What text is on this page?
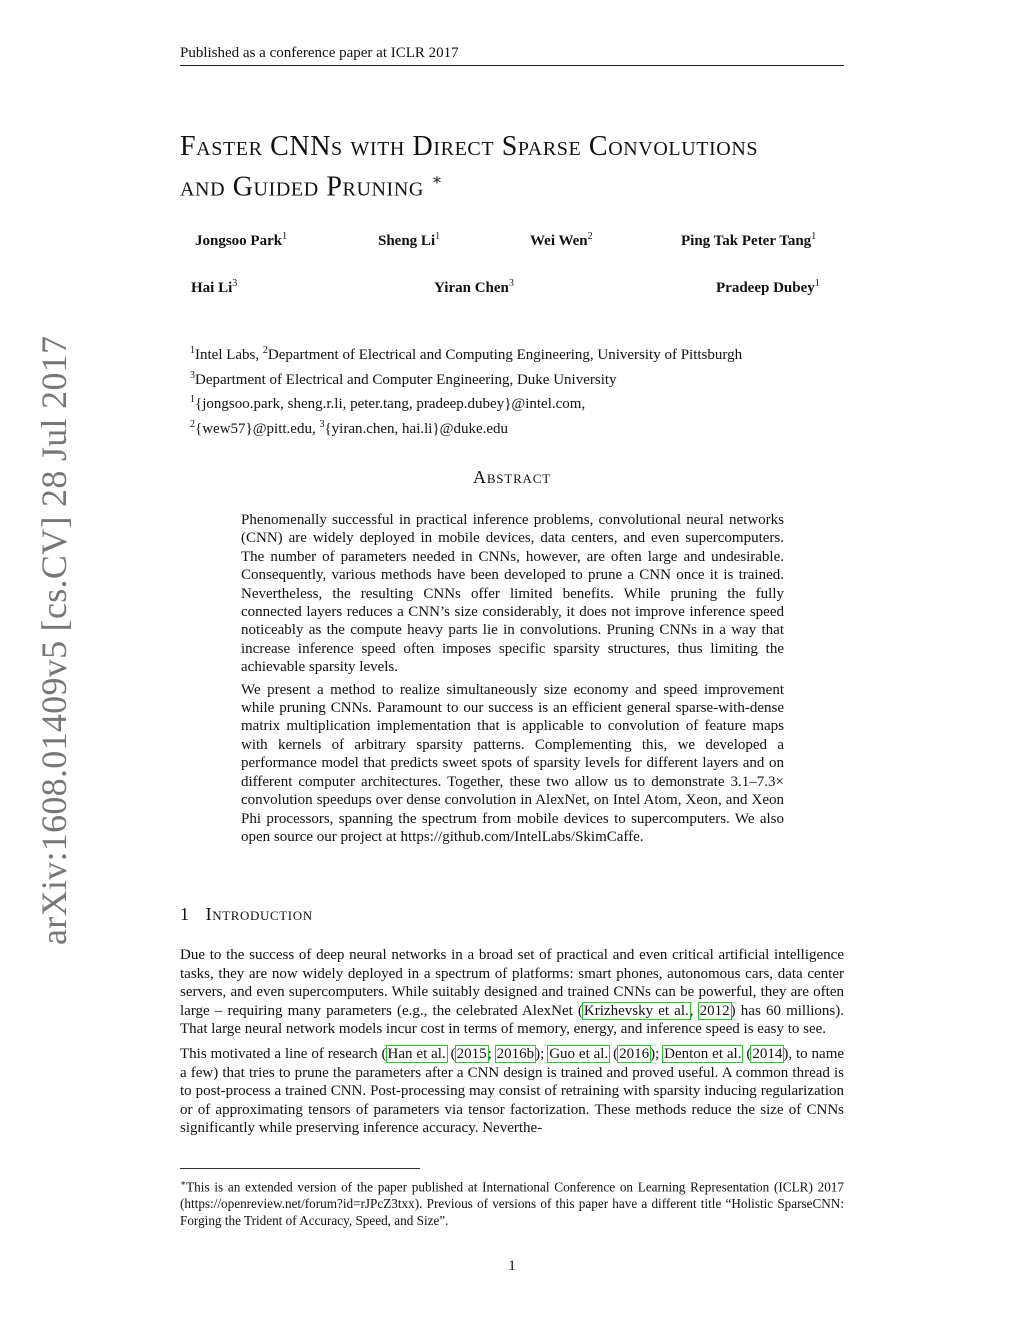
Published as a conference paper at ICLR 2017
arXiv:1608.01409v5 [cs.CV] 28 Jul 2017
Faster CNNs with Direct Sparse Convolutions
and Guided Pruning ∗
Jongsoo Park$^1$	Sheng Li$^1$	Wei Wen$^2$	Ping Tak Peter Tang$^1$
Hai Li$^3$	Yiran Chen$^3$	Pradeep Dubey$^1$
$^1$Intel Labs, $^2$Department of Electrical and Computing Engineering, University of Pittsburgh
$^3$Department of Electrical and Computer Engineering, Duke University
$^1${jongsoo.park, sheng.r.li, peter.tang, pradeep.dubey}@intel.com,
$^2${wew57}@pitt.edu, $^3${yiran.chen, hai.li}@duke.edu
Abstract

Phenomenally successful in practical inference problems, convolutional neural networks (CNN) are widely deployed in mobile devices, data centers, and even supercomputers. The number of parameters needed in CNNs, however, are often large and undesirable. Consequently, various methods have been developed to prune a CNN once it is trained. Nevertheless, the resulting CNNs offer limited benefits. While pruning the fully connected layers reduces a CNN’s size considerably, it does not improve inference speed noticeably as the compute heavy parts lie in convolutions. Pruning CNNs in a way that increase inference speed often imposes specific sparsity structures, thus limiting the achievable sparsity levels.

We present a method to realize simultaneously size economy and speed improvement while pruning CNNs. Paramount to our success is an efficient general sparse-with-dense matrix multiplication implementation that is applicable to convolution of feature maps with kernels of arbitrary sparsity patterns. Complementing this, we developed a performance model that predicts sweet spots of sparsity levels for different layers and on different computer architectures. Together, these two allow us to demonstrate 3.1–7.3× convolution speedups over dense convolution in AlexNet, on Intel Atom, Xeon, and Xeon Phi processors, spanning the spectrum from mobile devices to supercomputers. We also open source our project at https://github.com/IntelLabs/SkimCaffe.

1 Introduction

Due to the success of deep neural networks in a broad set of practical and even critical artificial intelligence tasks, they are now widely deployed in a spectrum of platforms: smart phones, autonomous cars, data center servers, and even supercomputers. While suitably designed and trained CNNs can be powerful, they are often large – requiring many parameters (e.g., the celebrated AlexNet (Krizhevsky et al., 2012) has 60 millions). That large neural network models incur cost in terms of memory, energy, and inference speed is easy to see.

This motivated a line of research (Han et al. (2015; 2016b); Guo et al. (2016); Denton et al. (2014), to name a few) that tries to prune the parameters after a CNN design is trained and proved useful. A common thread is to post-process a trained CNN. Post-processing may consist of retraining with sparsity inducing regularization or of approximating tensors of parameters via tensor factorization. These methods reduce the size of CNNs significantly while preserving inference accuracy. Neverthe-

∗This is an extended version of the paper published at International Conference on Learning Representation (ICLR) 2017 (https://openreview.net/forum?id=rJPcZ3txx). Previous of versions of this paper have a different title “Holistic SparseCNN: Forging the Trident of Accuracy, Speed, and Size”.
1
